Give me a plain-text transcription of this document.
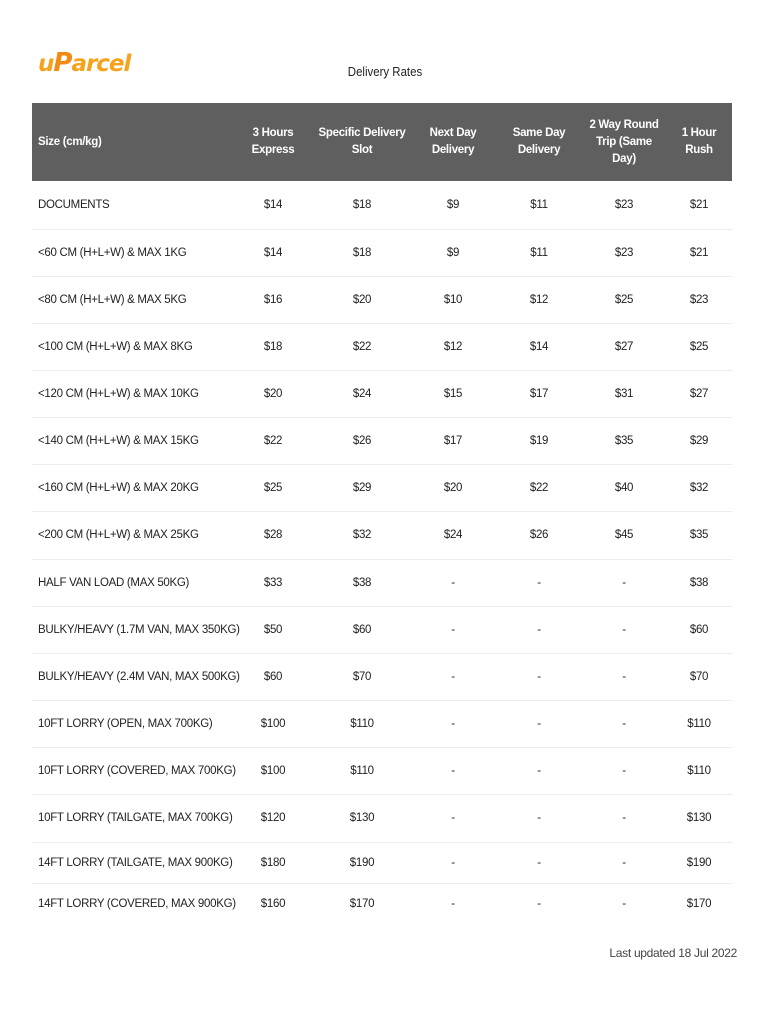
u P arcel	Delivery Rates
Size (cm/kg)	3 Hours Express	Specific Delivery Slot	Next Day Delivery	Same Day Delivery	2 Way Round Trip (Same Day)	1 Hour Rush
DOCUMENTS	$14	$18	$9	$11	$23	$21
<60 CM (H+L+W) & MAX 1KG	$14	$18	$9	$11	$23	$21
<80 CM (H+L+W) & MAX 5KG	$16	$20	$10	$12	$25	$23
<100 CM (H+L+W) & MAX 8KG	$18	$22	$12	$14	$27	$25
<120 CM (H+L+W) & MAX 10KG	$20	$24	$15	$17	$31	$27
<140 CM (H+L+W) & MAX 15KG	$22	$26	$17	$19	$35	$29
<160 CM (H+L+W) & MAX 20KG	$25	$29	$20	$22	$40	$32
<200 CM (H+L+W) & MAX 25KG	$28	$32	$24	$26	$45	$35
HALF VAN LOAD (MAX 50KG)	$33	$38	-	-	-	$38
BULKY/HEAVY (1.7M VAN, MAX 350KG)	$50	$60	-	-	-	$60
BULKY/HEAVY (2.4M VAN, MAX 500KG)	$60	$70	-	-	-	$70
10FT LORRY (OPEN, MAX 700KG)	$100	$110	-	-	-	$110
10FT LORRY (COVERED, MAX 700KG)	$100	$110	-	-	-	$110
10FT LORRY (TAILGATE, MAX 700KG)	$120	$130	-	-	-	$130
14FT LORRY (TAILGATE, MAX 900KG)	$180	$190	-	-	-	$190
14FT LORRY (COVERED, MAX 900KG)	$160	$170	-	-	-	$170
Last updated 18 Jul 2022
